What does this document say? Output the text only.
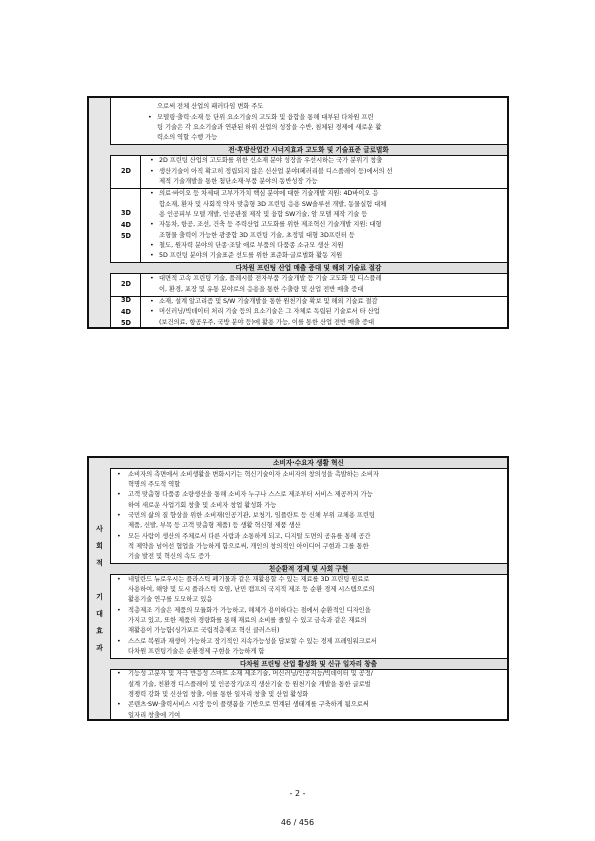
으로써 전체 산업의 패러다임 변화 주도
• 모델링·출력·소재 등 단위 요소기술의 고도화 및 융합을 통해 대부된 다차원 프린
팅 기술은 각 요소기술과 연관된 하위 산업의 성장을 수반, 침체된 경제에 새로운 활
력소의 역할 수행 가능
전·후방산업간 시너지효과 고도화 및 기술표준 글로벌화
• 2D 프린팅 산업의 고도화를 위한 신소재 분야 성장을 우선시하는 국가 분위기 창출
• 생산기술이 아직 확고히 정립되지 않은 신산업 분야(페러리블 디스플레이 등)에서의 선
제적 기술개발을 통한 첨단소재·부품 분야의 동반성장 가능
2D
• 의료·바이오 등 차세대 고부가가치 핵심 분야에 대한 기술개발 지원: 4D바이오 응
합소재, 환자 및 사회적 약자 맞춤형 3D 프린팅 응용 SW솔루션 개발, 동물실험 대체
용 인공피부 모델 개발, 인공관절 제작 및 융합 SW기술, 암 모델 제작 기술 등
• 자동차, 항공, 조선, 건축 등 주력산업 고도화를 위한 제조혁신 기술개발 지원: 대형
조형물 출력이 가능한 광중합 3D 프린팅 기술, 초정밀 대형 3D프린터 등
• 철도, 원자력 분야의 단종·조달 애로 부품의 다품종 소규모 생산 지원
• 5D 프린팅 분야의 기술표준 선도를 위한 표준화·글로벌화 활동 지원
3D
4D
5D
다차원 프린팅 산업 매출 증대 및 해외 기술료 절감
• 대면적 고속 프린팅 기술, 플레시블 전자부품 기술개발 등 기술 고도화 및 디스플레
이, 환경, 포장 및 유통 분야로의 응용을 통한 수출량 및 산업 전반 매출 증대
2D
• 소재, 설계 알고리즘 및 S/W 기술개발을 통한 원천기술 확보 및 해외 기술료 절감
• 머신러닝/빅데이터 처리 기술 등의 요소기술은 그 자체로 독립된 기술로서 타 산업
(보건의료, 항공우주, 국방 분야 등)에 활용 가능, 이를 통한 산업 전반 매출 증대
3D
4D
5D
사
회
적

기
대
효
과
소비자·수요자 생활 혁신
• 소비자의 측면에서 소비생활을 변화시키는 혁신기술이자 소비자의 창의성을 촉발하는 소비자
혁명의 주도적 역할
• 고객 맞춤형 다품종 소량생산을 통해 소비자 누구나 스스로 제조부터 서비스 제공까지 가능
하여 새로운 사업기회 창출 및 소비자 창업 활성화 가능
• 국민의 삶의 질 향상을 위한 소비재(인공기관, 보청기, 임플란트 등 신체 부위 교체용 프린팅
제품, 신발, 부목 등 고객 맞춤형 제품) 등 생활 혁신형 제품 생산
• 모든 사람이 생산의 주체로서 다른 사람과 소통하게 되고, 디지털 도면의 공유를 통해 공간
적 제약을 넘어선 협업을 가능하게 함으로써, 개인의 창의적인 아이디어 구현과 그를 통한
기술 발전 및 혁신의 속도 증가
친순환적 경제 및 사회 구현
• 네덜란드 뉴로우시는 플라스틱 폐기물과 같은 재활용할 수 있는 재료를 3D 프린팅 원료로
사용하여, 해양 및 도시 플라스틱 오염, 난민 캠프의 국지적 제조 등 순환 경제 시스템으로의
활용기술 연구를 도모하고 있음
• 적층제조 기술은 제품의 모듈화가 가능하고, 해체가 용이하다는 점에서 순환적인 디자인을
가지고 있고, 또한 제품의 경량화를 통해 재료의 소비를 줄일 수 있고 금속과 같은 재료의
재활용이 가능함(싱가포르 국립적층제조 혁신 클러스터)
• 스스로 복원과 재생이 가능하고 장기적인 지속가능성을 담보할 수 있는 경제 프레임워크로서
다차원 프린팅기술은 순환경제 구현을 가능하게 함
다차원 프린팅 산업 활성화 및 신규 일자리 창출
• 기능성 고분자 및 자극 반응성 스마트 소재 제조기술, 머신러닝/인공지능/빅데이터 및 공정/
설계 기술, 친환경 디스플레이 및 인공장기/조직 생산기술 등 원천기술 개발을 통한 글로벌
경쟁력 강화 및 신산업 창출, 이를 통한 일자리 창출 및 산업 활성화
• 콘텐츠·SW·출력서비스 시장 등이 플랫폼을 기반으로 연계된 생태계를 구축하게 됨으로써
일자리 창출에 기여
- 2 -
46 / 456
